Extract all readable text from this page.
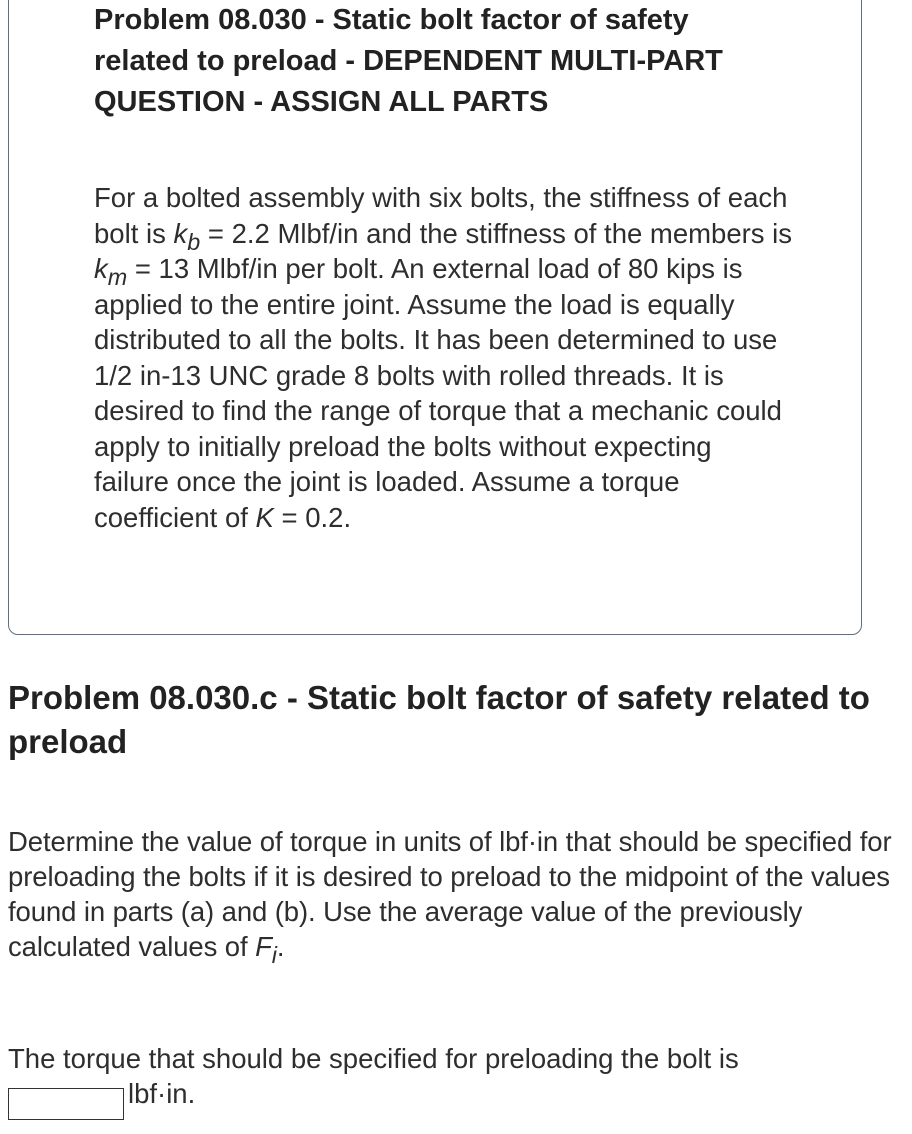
Problem 08.030 - Static bolt factor of safety related to preload - DEPENDENT MULTI-PART QUESTION - ASSIGN ALL PARTS

For a bolted assembly with six bolts, the stiffness of each bolt is $k_b = 2.2$ Mlbf/in and the stiffness of the members is $k_m = 13$ Mlbf/in per bolt. An external load of 80 kips is applied to the entire joint. Assume the load is equally distributed to all the bolts. It has been determined to use 1/2 in-13 UNC grade 8 bolts with rolled threads. It is desired to find the range of torque that a mechanic could apply to initially preload the bolts without expecting failure once the joint is loaded. Assume a torque coefficient of K = 0.2.

Problem 08.030.c - Static bolt factor of safety related to preload

Determine the value of torque in units of lbf·in that should be specified for preloading the bolts if it is desired to preload to the midpoint of the values found in parts (a) and (b). Use the average value of the previously calculated values of $F_i$.

The torque that should be specified for preloading the bolt is
lbf·in.
